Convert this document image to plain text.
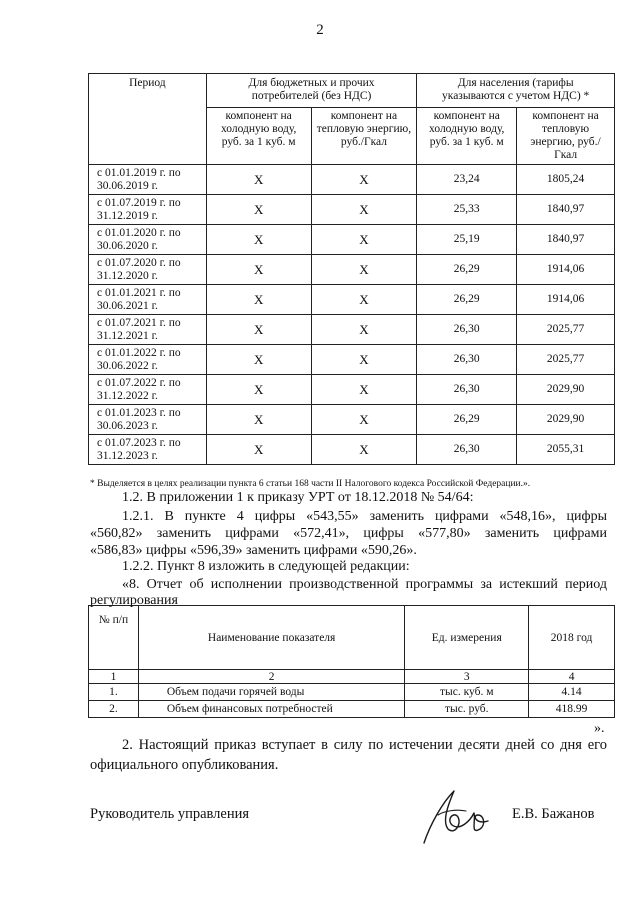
2
Период	Для бюджетных и прочих потребителей (без НДС)		Для населения (тарифы указываются с учетом НДС) *	
	компонент на холодную воду, руб. за 1 куб. м	компонент на тепловую энергию, руб./Гкал	компонент на холодную воду, руб. за 1 куб. м	компонент на тепловую энергию, руб./Гкал
с 01.01.2019 г. по 30.06.2019 г.	X	X	23,24	1805,24
с 01.07.2019 г. по 31.12.2019 г.	X	X	25,33	1840,97
с 01.01.2020 г. по 30.06.2020 г.	X	X	25,19	1840,97
с 01.07.2020 г. по 31.12.2020 г.	X	X	26,29	1914,06
с 01.01.2021 г. по 30.06.2021 г.	X	X	26,29	1914,06
с 01.07.2021 г. по 31.12.2021 г.	X	X	26,30	2025,77
с 01.01.2022 г. по 30.06.2022 г.	X	X	26,30	2025,77
с 01.07.2022 г. по 31.12.2022 г.	X	X	26,30	2029,90
с 01.01.2023 г. по 30.06.2023 г.	X	X	26,29	2029,90
с 01.07.2023 г. по 31.12.2023 г.	X	X	26,30	2055,31
* Выделяется в целях реализации пункта 6 статьи 168 части II Налогового кодекса Российской Федерации.».
1.2. В приложении 1 к приказу УРТ от 18.12.2018 № 54/64:
1.2.1. В пункте 4 цифры «543,55» заменить цифрами «548,16», цифры
«560,82» заменить цифрами «572,41», цифры «577,80» заменить цифрами
«586,83» цифры «596,39» заменить цифрами «590,26».
1.2.2. Пункт 8 изложить в следующей редакции:
«8. Отчет об исполнении производственной программы за истекший период
регулирования
№ п/п	Наименование показателя	Ед. измерения	2018 год
1	2	3	4
1.	Объем подачи горячей воды	тыс. куб. м	4.14
2.	Объем финансовых потребностей	тыс. руб.	418.99
».
2. Настоящий приказ вступает в силу по истечении десяти дней со дня его
официального опубликования.
Руководитель управления	Е.В. Бажанов
